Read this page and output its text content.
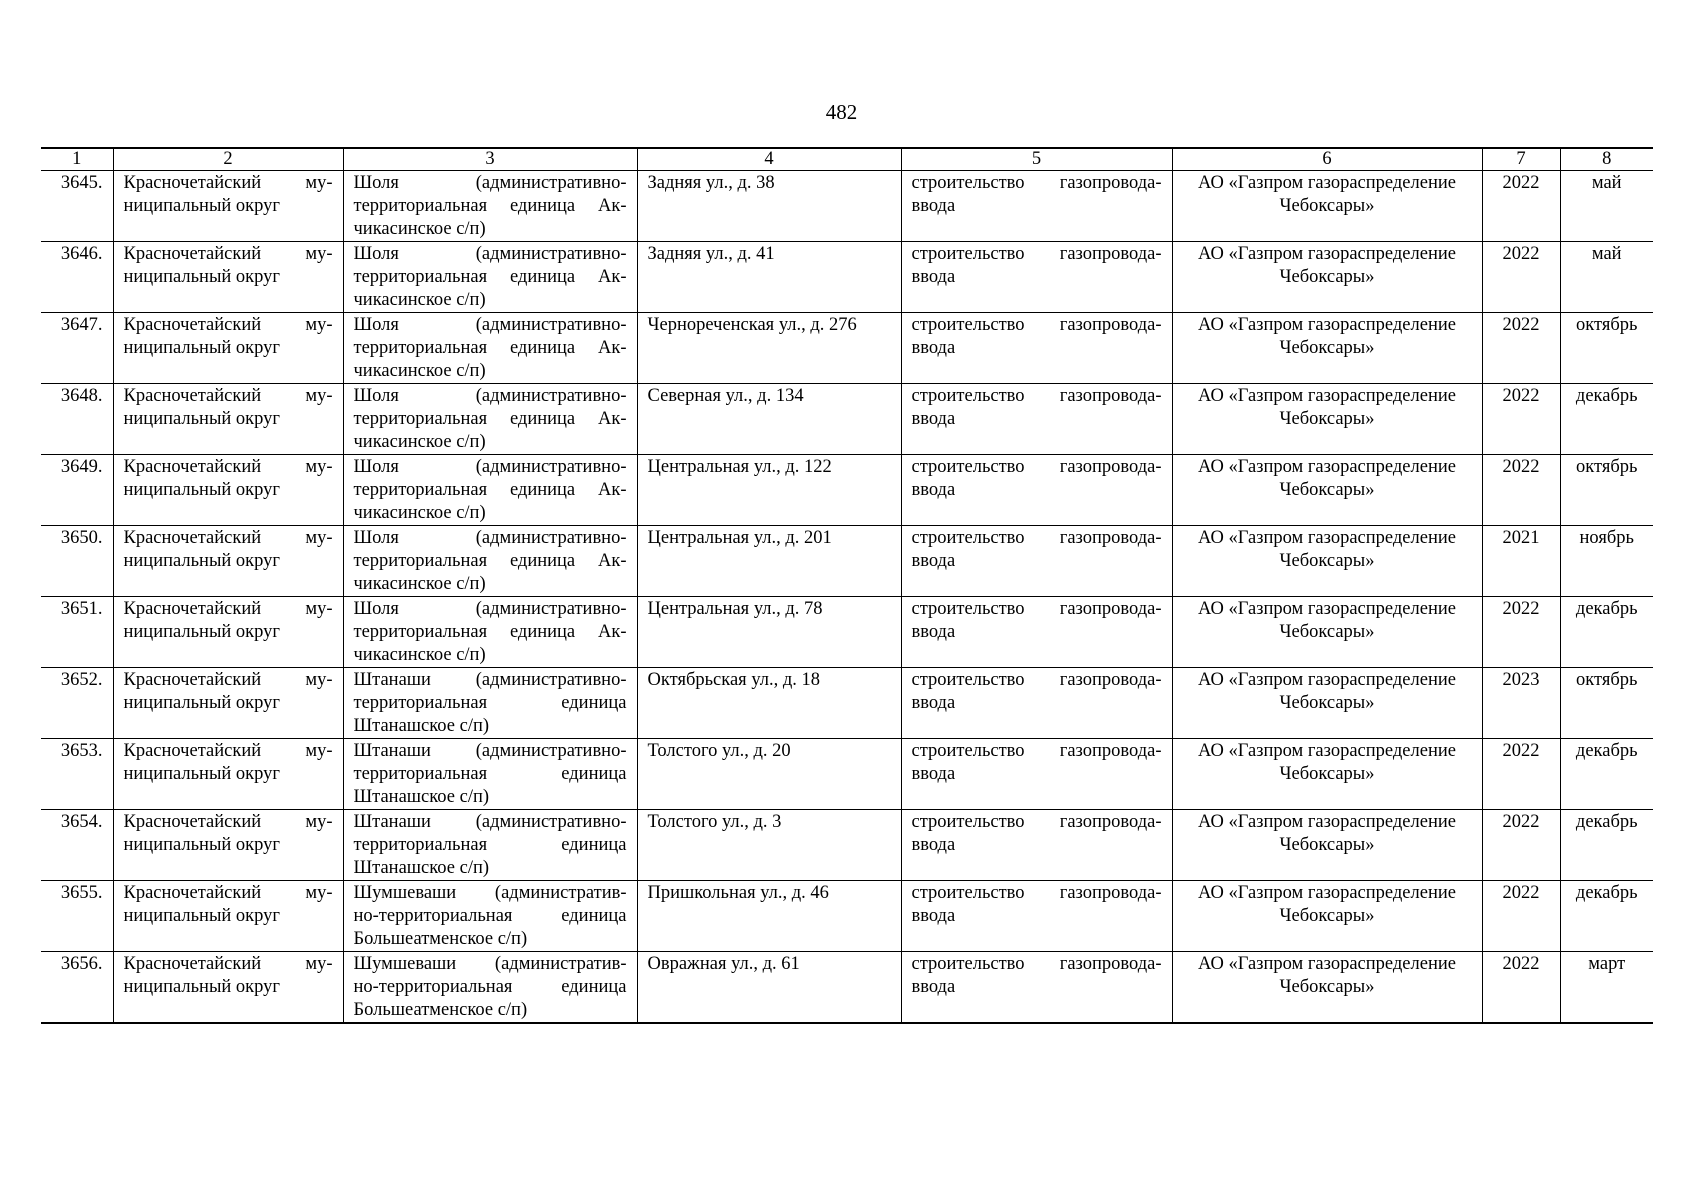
482
1	2	3	4	5	6	7	8
3645.	Красночетайский му-
ниципальный округ	Шоля (административно-
территориальная единица Ак-
чикасинское с/п)	Задняя ул., д. 38	строительство газопровода-
ввода	АО «Газпром газораспределение
Чебоксары»	2022	май
3646.	Красночетайский му-
ниципальный округ	Шоля (административно-
территориальная единица Ак-
чикасинское с/п)	Задняя ул., д. 41	строительство газопровода-
ввода	АО «Газпром газораспределение
Чебоксары»	2022	май
3647.	Красночетайский му-
ниципальный округ	Шоля (административно-
территориальная единица Ак-
чикасинское с/п)	Чернореченская ул., д. 276	строительство газопровода-
ввода	АО «Газпром газораспределение
Чебоксары»	2022	октябрь
3648.	Красночетайский му-
ниципальный округ	Шоля (административно-
территориальная единица Ак-
чикасинское с/п)	Северная ул., д. 134	строительство газопровода-
ввода	АО «Газпром газораспределение
Чебоксары»	2022	декабрь
3649.	Красночетайский му-
ниципальный округ	Шоля (административно-
территориальная единица Ак-
чикасинское с/п)	Центральная ул., д. 122	строительство газопровода-
ввода	АО «Газпром газораспределение
Чебоксары»	2022	октябрь
3650.	Красночетайский му-
ниципальный округ	Шоля (административно-
территориальная единица Ак-
чикасинское с/п)	Центральная ул., д. 201	строительство газопровода-
ввода	АО «Газпром газораспределение
Чебоксары»	2021	ноябрь
3651.	Красночетайский му-
ниципальный округ	Шоля (административно-
территориальная единица Ак-
чикасинское с/п)	Центральная ул., д. 78	строительство газопровода-
ввода	АО «Газпром газораспределение
Чебоксары»	2022	декабрь
3652.	Красночетайский му-
ниципальный округ	Штанаши (административно-
территориальная единица
Штанашское с/п)	Октябрьская ул., д. 18	строительство газопровода-
ввода	АО «Газпром газораспределение
Чебоксары»	2023	октябрь
3653.	Красночетайский му-
ниципальный округ	Штанаши (административно-
территориальная единица
Штанашское с/п)	Толстого ул., д. 20	строительство газопровода-
ввода	АО «Газпром газораспределение
Чебоксары»	2022	декабрь
3654.	Красночетайский му-
ниципальный округ	Штанаши (административно-
территориальная единица
Штанашское с/п)	Толстого ул., д. 3	строительство газопровода-
ввода	АО «Газпром газораспределение
Чебоксары»	2022	декабрь
3655.	Красночетайский му-
ниципальный округ	Шумшеваши (административ-
но-территориальная единица
Большеатменское с/п)	Пришкольная ул., д. 46	строительство газопровода-
ввода	АО «Газпром газораспределение
Чебоксары»	2022	декабрь
3656.	Красночетайский му-
ниципальный округ	Шумшеваши (административ-
но-территориальная единица
Большеатменское с/п)	Овражная ул., д. 61	строительство газопровода-
ввода	АО «Газпром газораспределение
Чебоксары»	2022	март
